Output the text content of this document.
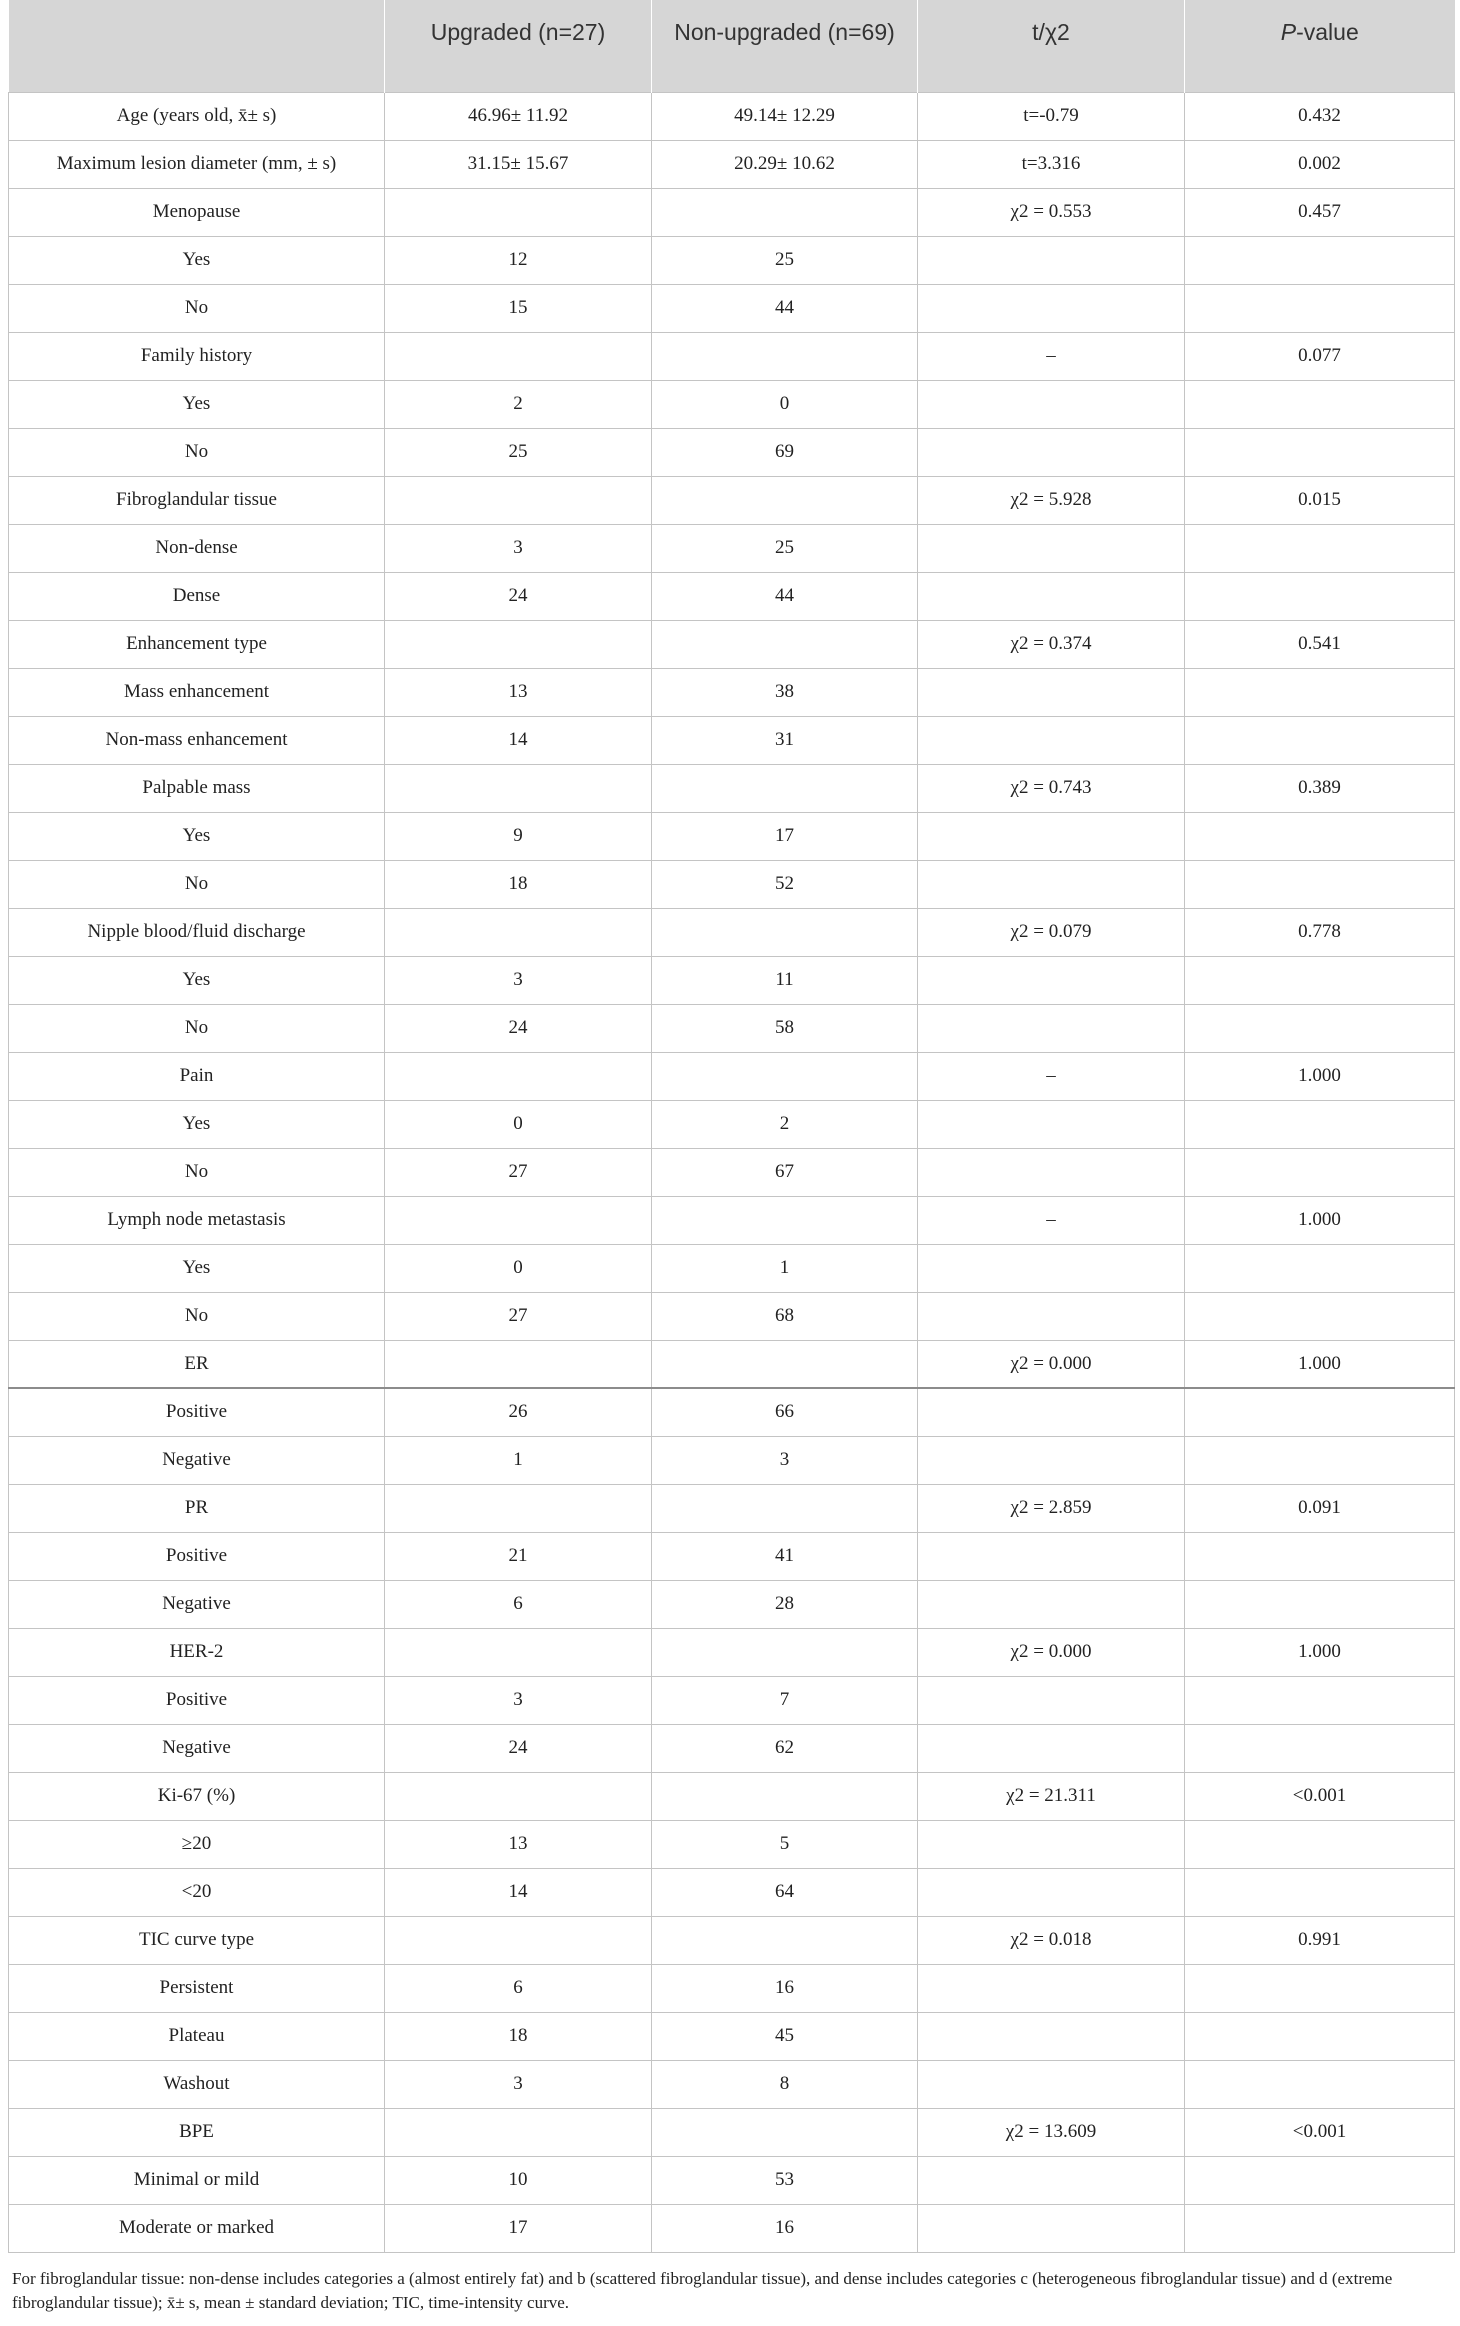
	Upgraded (n=27)	Non-upgraded (n=69)	t/χ2	P-value
Age (years old, x̄± s)	46.96± 11.92	49.14± 12.29	t=-0.79	0.432
Maximum lesion diameter (mm, ± s)	31.15± 15.67	20.29± 10.62	t=3.316	0.002
Menopause			χ2 = 0.553	0.457
Yes	12	25		
No	15	44		
Family history			–	0.077
Yes	2	0		
No	25	69		
Fibroglandular tissue			χ2 = 5.928	0.015
Non-dense	3	25		
Dense	24	44		
Enhancement type			χ2 = 0.374	0.541
Mass enhancement	13	38		
Non-mass enhancement	14	31		
Palpable mass			χ2 = 0.743	0.389
Yes	9	17		
No	18	52		
Nipple blood/fluid discharge			χ2 = 0.079	0.778
Yes	3	11		
No	24	58		
Pain			–	1.000
Yes	0	2		
No	27	67		
Lymph node metastasis			–	1.000
Yes	0	1		
No	27	68		
ER			χ2 = 0.000	1.000
Positive	26	66		
Negative	1	3		
PR			χ2 = 2.859	0.091
Positive	21	41		
Negative	6	28		
HER-2			χ2 = 0.000	1.000
Positive	3	7		
Negative	24	62		
Ki-67 (%)			χ2 = 21.311	<0.001
≥20	13	5		
<20	14	64		
TIC curve type			χ2 = 0.018	0.991
Persistent	6	16		
Plateau	18	45		
Washout	3	8		
BPE			χ2 = 13.609	<0.001
Minimal or mild	10	53		
Moderate or marked	17	16		

For fibroglandular tissue: non-dense includes categories a (almost entirely fat) and b (scattered fibroglandular tissue), and dense includes categories c (heterogeneous fibroglandular tissue) and d (extreme fibroglandular tissue); x̄± s, mean ± standard deviation; TIC, time-intensity curve.
